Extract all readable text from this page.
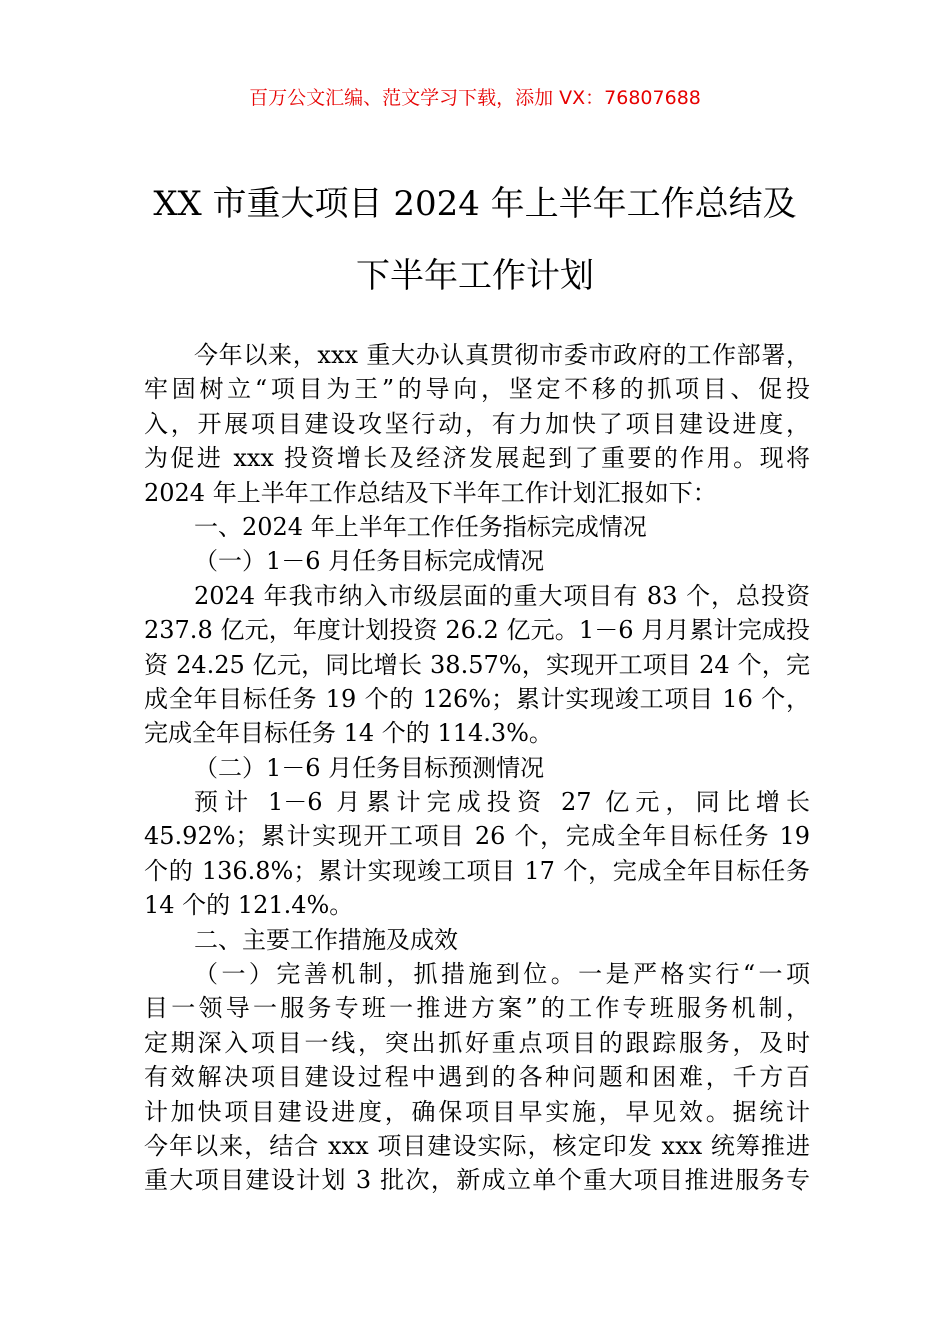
百万公文汇编、范文学习下载，添加 VX：76807688
XX 市重大项目 2024 年上半年工作总结及
下半年工作计划
今年以来，xxx 重大办认真贯彻市委市政府的工作部署，
牢固树立“项目为王”的导向，坚定不移的抓项目、促投
入，开展项目建设攻坚行动，有力加快了项目建设进度，
为促进 xxx 投资增长及经济发展起到了重要的作用。现将
2024 年上半年工作总结及下半年工作计划汇报如下：
一、2024 年上半年工作任务指标完成情况
（一）1－6 月任务目标完成情况
2024 年我市纳入市级层面的重大项目有 83 个，总投资
237.8 亿元，年度计划投资 26.2 亿元。1－6 月月累计完成投
资 24.25 亿元，同比增长 38.57%，实现开工项目 24 个，完
成全年目标任务 19 个的 126%；累计实现竣工项目 16 个，
完成全年目标任务 14 个的 114.3%。
（二）1－6 月任务目标预测情况
预计 1－6 月累计完成投资 27 亿元，同比增长
45.92%；累计实现开工项目 26 个，完成全年目标任务 19
个的 136.8%；累计实现竣工项目 17 个，完成全年目标任务
14 个的 121.4%。
二、主要工作措施及成效
（一）完善机制，抓措施到位。一是严格实行“一项
目一领导一服务专班一推进方案”的工作专班服务机制，
定期深入项目一线，突出抓好重点项目的跟踪服务，及时
有效解决项目建设过程中遇到的各种问题和困难，千方百
计加快项目建设进度，确保项目早实施，早见效。据统计
今年以来，结合 xxx 项目建设实际，核定印发 xxx 统筹推进
重大项目建设计划 3 批次，新成立单个重大项目推进服务专
